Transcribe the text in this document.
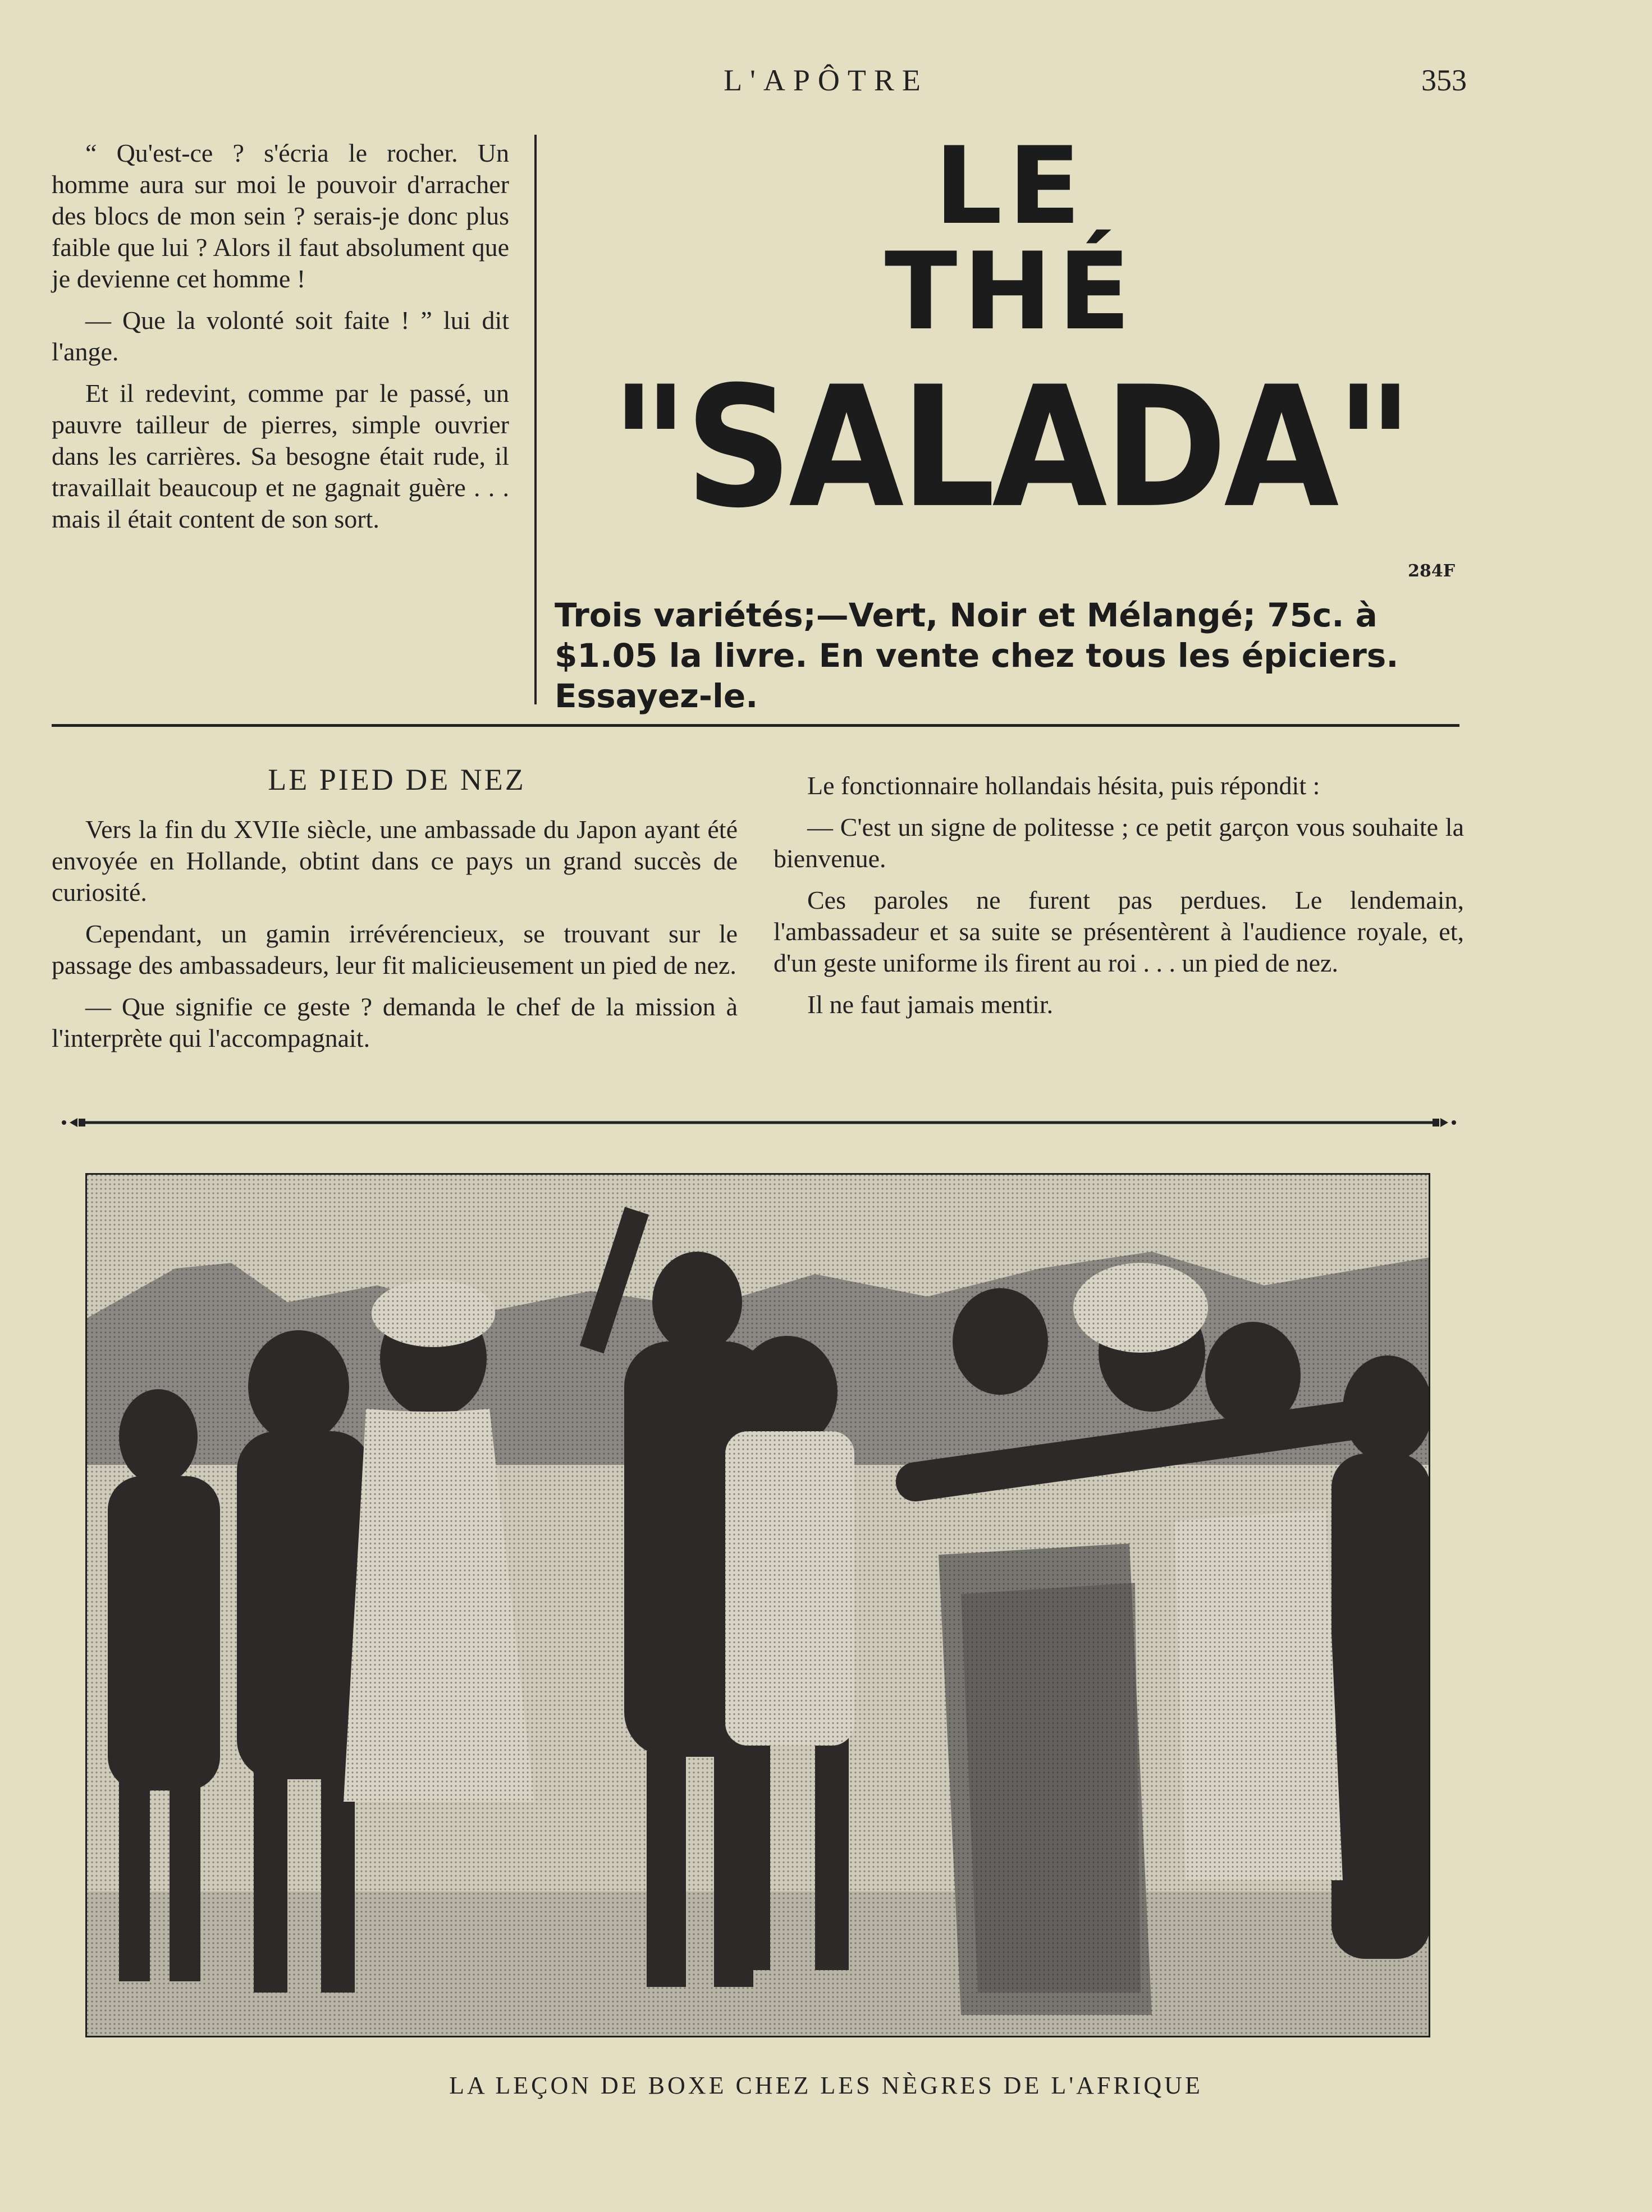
L'APÔTRE	353

“ Qu'est-ce ? s'écria le rocher. Un homme aura sur moi le pouvoir d'arracher des blocs de mon sein ? serais-je donc plus faible que lui ? Alors il faut absolument que je devienne cet homme !

— Que la volonté soit faite ! ” lui dit l'ange.

Et il redevint, comme par le passé, un pauvre tailleur de pierres, simple ouvrier dans les carrières. Sa besogne était rude, il travaillait beaucoup et ne gagnait guère . . . mais il était content de son sort.

LE
THÉ
"SALADA"
284F
Trois variétés;—Vert, Noir et Mélangé; 75c. à $1.05 la livre. En vente chez tous les épiciers. Essayez-le.
LE PIED DE NEZ

Vers la fin du XVIIe siècle, une ambassade du Japon ayant été envoyée en Hollande, obtint dans ce pays un grand succès de curiosité.

Cependant, un gamin irrévérencieux, se trouvant sur le passage des ambassadeurs, leur fit malicieusement un pied de nez.

— Que signifie ce geste ? demanda le chef de la mission à l'interprète qui l'accompagnait.

Le fonctionnaire hollandais hésita, puis répondit :

— C'est un signe de politesse ; ce petit garçon vous souhaite la bienvenue.

Ces paroles ne furent pas perdues. Le lendemain, l'ambassadeur et sa suite se présentèrent à l'audience royale, et, d'un geste uniforme ils firent au roi . . . un pied de nez.

Il ne faut jamais mentir.

LA LEÇON DE BOXE CHEZ LES NÈGRES DE L'AFRIQUE
